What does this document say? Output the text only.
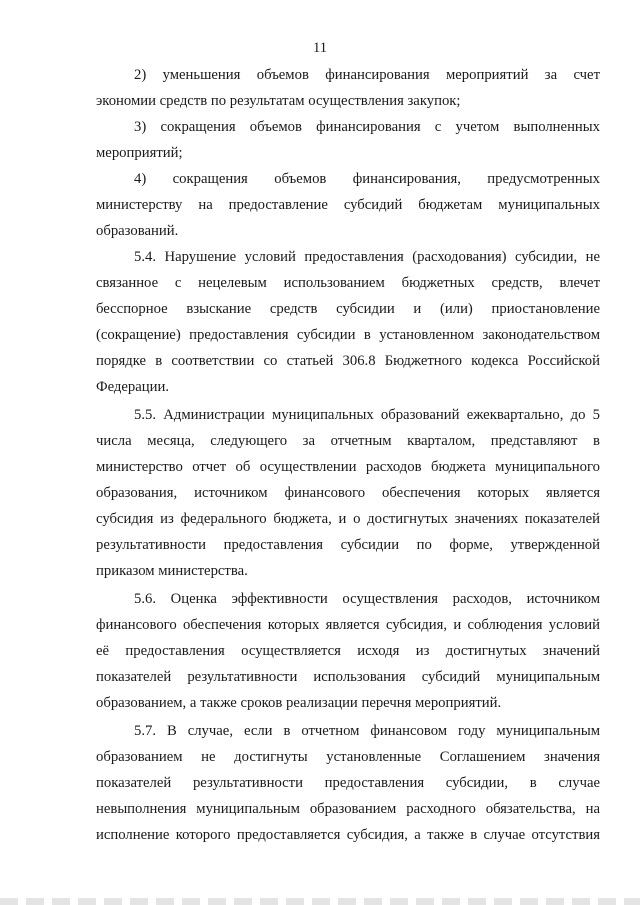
11
2) уменьшения объемов финансирования мероприятий за счет
экономии средств по результатам осуществления закупок;
3) сокращения объемов финансирования с учетом выполненных
мероприятий;
4) сокращения объемов финансирования, предусмотренных
министерству на предоставление субсидий бюджетам муниципальных
образований.
5.4. Нарушение условий предоставления (расходования) субсидии, не
связанное с нецелевым использованием бюджетных средств, влечет
бесспорное взыскание средств субсидии и (или) приостановление
(сокращение) предоставления субсидии в установленном законодательством
порядке в соответствии со статьей 306.8 Бюджетного кодекса Российской
Федерации.
5.5. Администрации муниципальных образований ежеквартально, до 5
числа месяца, следующего за отчетным кварталом, представляют в
министерство отчет об осуществлении расходов бюджета муниципального
образования, источником финансового обеспечения которых является
субсидия из федерального бюджета, и о достигнутых значениях показателей
результативности предоставления субсидии по форме, утвержденной
приказом министерства.
5.6. Оценка эффективности осуществления расходов, источником
финансового обеспечения которых является субсидия, и соблюдения условий
её предоставления осуществляется исходя из достигнутых значений
показателей результативности использования субсидий муниципальным
образованием, а также сроков реализации перечня мероприятий.
5.7. В случае, если в отчетном финансовом году муниципальным
образованием не достигнуты установленные Соглашением значения
показателей результативности предоставления субсидии, в случае
невыполнения муниципальным образованием расходного обязательства, на
исполнение которого предоставляется субсидия, а также в случае отсутствия
